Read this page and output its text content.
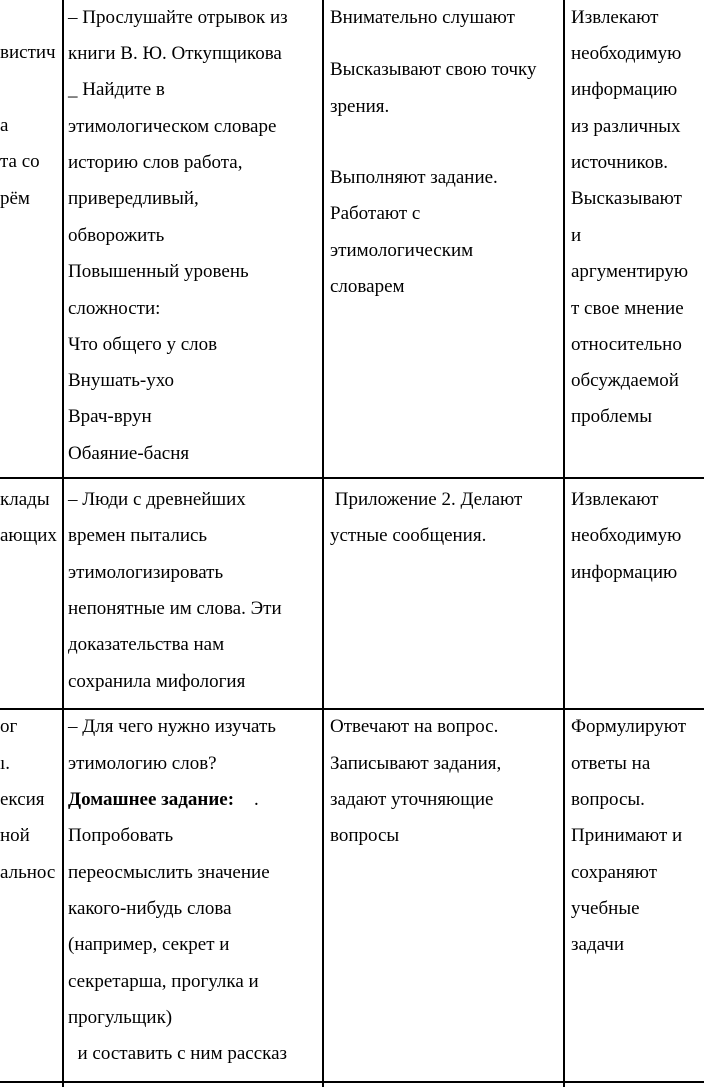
вистич
а
та со
рём
– Прослушайте отрывок из
книги В. Ю. Откупщикова
_ Найдите в
этимологическом словаре
историю слов работа,
привередливый,
обворожить
Повышенный уровень
сложности:
Что общего у слов
Внушать-ухо
Врач-врун
Обаяние-басня
Внимательно слушают
Высказывают свою точку
зрения.
Выполняют задание.
Работают с
этимологическим
словарем
Извлекают
необходимую
информацию
из различных
источников.
Высказывают
и
аргументирую
т свое мнение
относительно
обсуждаемой
проблемы
клады
ающих
– Люди с древнейших
времен пытались
этимологизировать
непонятные им слова. Эти
доказательства нам
сохранила мифология
Приложение 2. Делают
устные сообщения.
Извлекают
необходимую
информацию
ог
ı.
ексия
ной
альнос
– Для чего нужно изучать
этимологию слов?
Домашнее задание: .
Попробовать
переосмыслить значение
какого-нибудь слова
(например, секрет и
секретарша, прогулка и
прогульщик)
и составить с ним рассказ
Отвечают на вопрос.
Записывают задания,
задают уточняющие
вопросы
Формулируют
ответы на
вопросы.
Принимают и
сохраняют
учебные
задачи
